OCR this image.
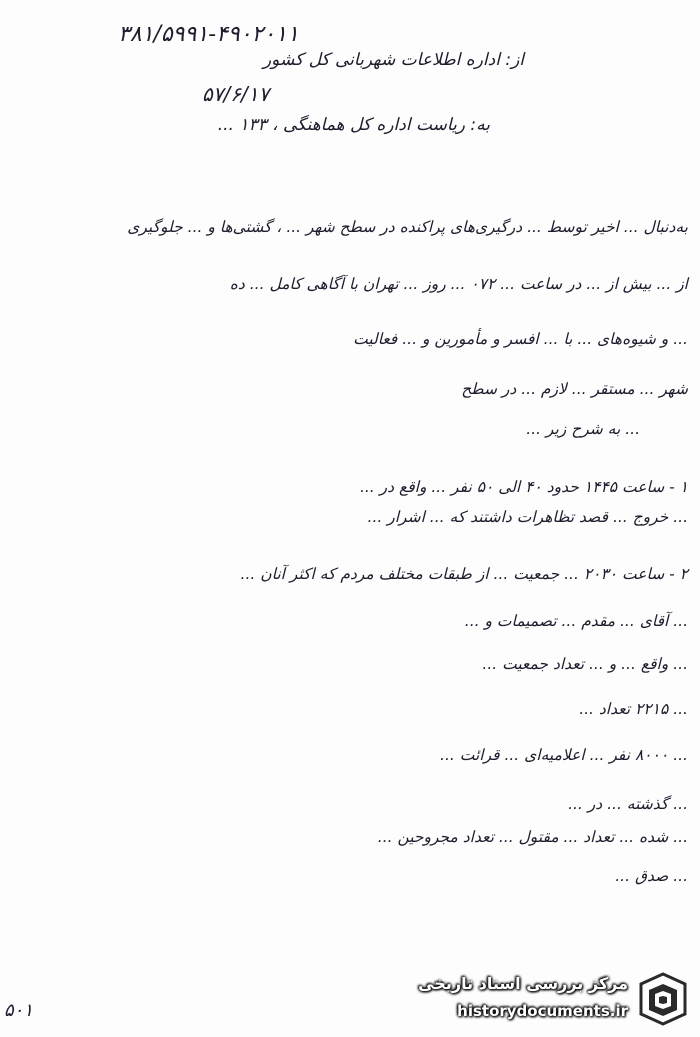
۳۸۱/۵۹۹۱-۴۹۰۲۰۱۱
از: اداره اطلاعات شهربانی کل کشور
۵۷/۶/۱۷
به: ریاست اداره کل هماهنگی ، ۱۳۳ ...
به‌دنبال ... اخیر توسط ... درگیری‌های پراکنده در سطح شهر ... ، گشتی‌ها و ... جلوگیری
از ... بیش از ... در ساعت ... ۰۷۲ ... روز ... تهران با آگاهی کامل ... ده
... و شیوه‌های ... با ... افسر و مأمورین و ... فعالیت
شهر ... مستقر ... لازم ... در سطح
... به شرح زیر ...
۱ - ساعت ۱۴۴۵ حدود ۴۰ الی ۵۰ نفر ... واقع در ...
... خروج ... قصد تظاهرات داشتند که ... اشرار ...
۲ - ساعت ۲۰۳۰ ... جمعیت ... از طبقات مختلف مردم که اکثر آنان ...
... آقای ... مقدم ... تصمیمات و ...
... واقع ... و ... تعداد جمعیت ...
... ۲۲۱۵ تعداد ...
... ۸۰۰۰ نفر ... اعلامیه‌ای ... قرائت ...
... گذشته ... در ...
... شده ... تعداد ... مقتول ... تعداد مجروحین ...
... صدق ...
۵۰۱
مرکز بررسی اسناد تاریخی
historydocuments.ir
